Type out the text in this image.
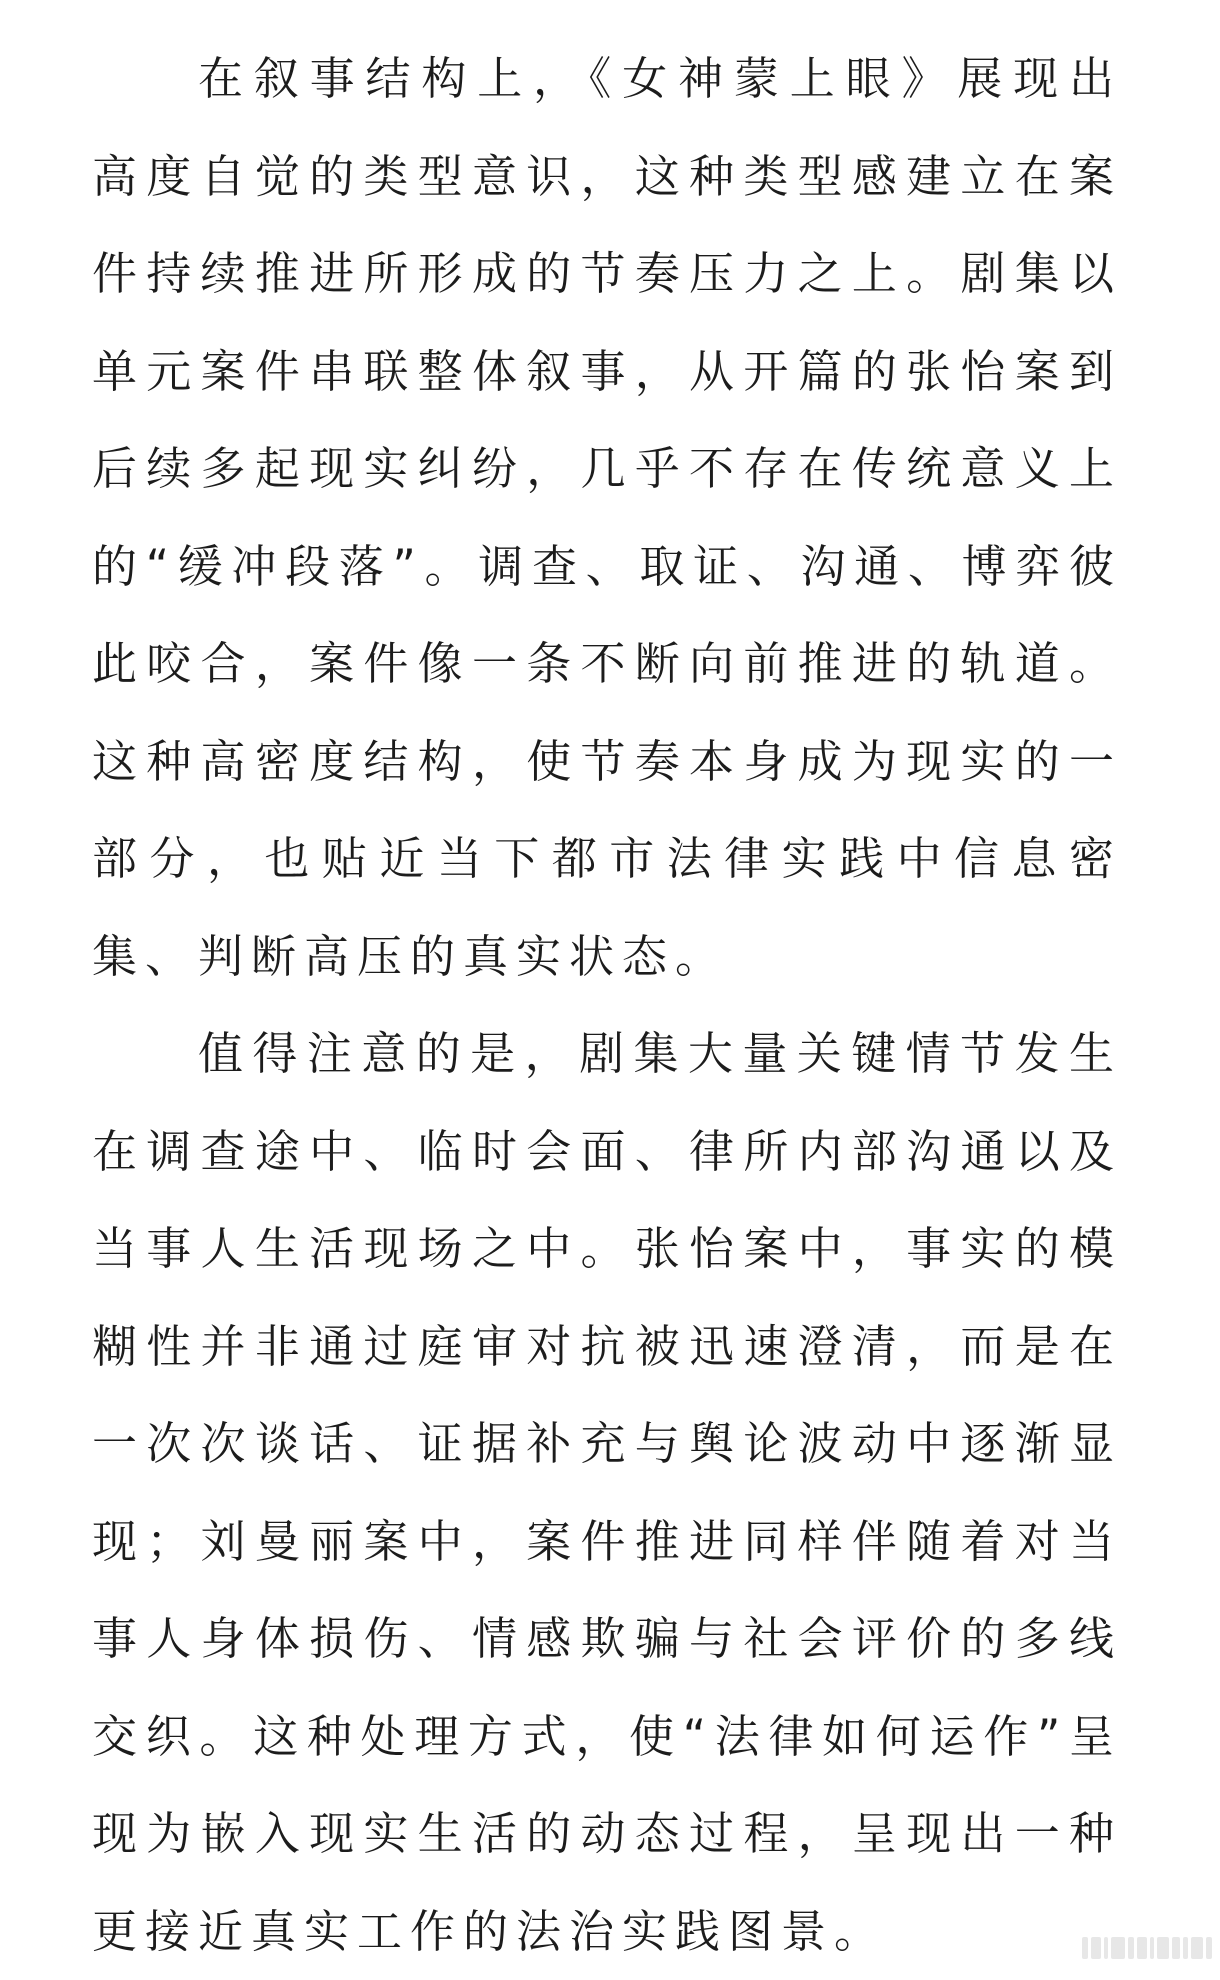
在叙事结构上，《女神蒙上眼》展现出高度自觉的类型意识，这种类型感建立在案件持续推进所形成的节奏压力之上。剧集以单元案件串联整体叙事，从开篇的张怡案到后续多起现实纠纷，几乎不存在传统意义上的“缓冲段落”。调查、取证、沟通、博弈彼此咬合，案件像一条不断向前推进的轨道。这种高密度结构，使节奏本身成为现实的一部分，也贴近当下都市法律实践中信息密集、判断高压的真实状态。

值得注意的是，剧集大量关键情节发生在调查途中、临时会面、律所内部沟通以及当事人生活现场之中。张怡案中，事实的模糊性并非通过庭审对抗被迅速澄清，而是在一次次谈话、证据补充与舆论波动中逐渐显现；刘曼丽案中，案件推进同样伴随着对当事人身体损伤、情感欺骗与社会评价的多线交织。这种处理方式，使“法律如何运作”呈现为嵌入现实生活的动态过程，呈现出一种更接近真实工作的法治实践图景。
